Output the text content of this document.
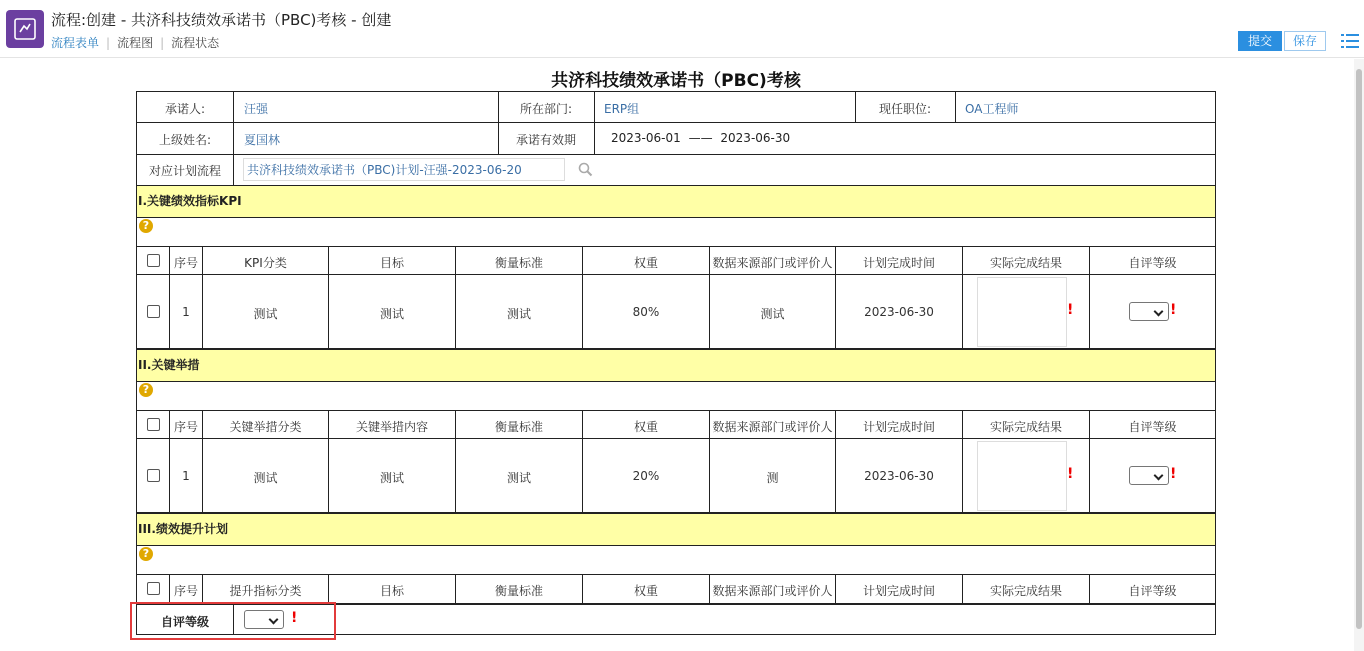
流程:创建 - 共济科技绩效承诺书（PBC)考核 - 创建
流程表单 | 流程图 | 流程状态	提交	保存
共济科技绩效承诺书（PBC)考核
承诺人:	汪强	所在部门:	ERP组	现任职位:	OA工程师
上级姓名:	夏国林	承诺有效期	2023-06-01 —— 2023-06-30
对应计划流程	共济科技绩效承诺书（PBC)计划-汪强-2023-06-20
I.关键绩效指标KPI
?
序号	KPI分类	目标	衡量标准	权重	数据来源部门或评价人	计划完成时间	实际完成结果	自评等级
1	测试	测试	测试	80%	测试	2023-06-30	!	!
II.关键举措
?
序号	关键举措分类	关键举措内容	衡量标准	权重	数据来源部门或评价人	计划完成时间	实际完成结果	自评等级
1	测试	测试	测试	20%	测	2023-06-30	!	!
III.绩效提升计划
?
序号	提升指标分类	目标	衡量标准	权重	数据来源部门或评价人	计划完成时间	实际完成结果	自评等级
自评等级	!
